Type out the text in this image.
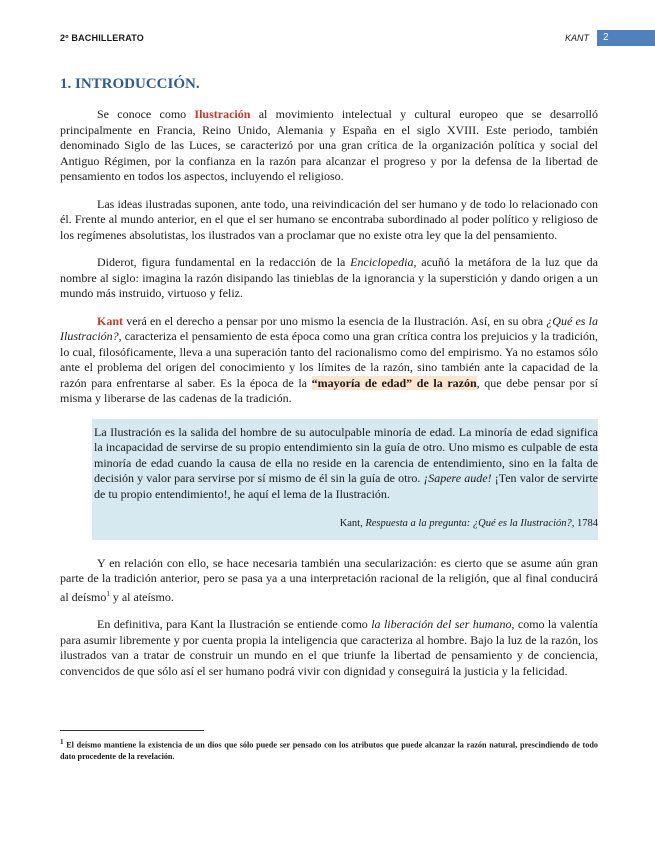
2º BACHILLERATO	KANT	2
1. INTRODUCCIÓN.

Se conoce como Ilustración al movimiento intelectual y cultural europeo que se desarrolló principalmente en Francia, Reino Unido, Alemania y España en el siglo XVIII. Este periodo, también denominado Siglo de las Luces, se caracterizó por una gran crítica de la organización política y social del Antiguo Régimen, por la confianza en la razón para alcanzar el progreso y por la defensa de la libertad de pensamiento en todos los aspectos, incluyendo el religioso.

Las ideas ilustradas suponen, ante todo, una reivindicación del ser humano y de todo lo relacionado con él. Frente al mundo anterior, en el que el ser humano se encontraba subordinado al poder político y religioso de los regímenes absolutistas, los ilustrados van a proclamar que no existe otra ley que la del pensamiento.

Diderot, figura fundamental en la redacción de la Enciclopedia, acuñó la metáfora de la luz que da nombre al siglo: imagina la razón disipando las tinieblas de la ignorancia y la superstición y dando origen a un mundo más instruido, virtuoso y feliz.

Kant verá en el derecho a pensar por uno mismo la esencia de la Ilustración. Así, en su obra ¿Qué es la Ilustración?, caracteriza el pensamiento de esta época como una gran crítica contra los prejuicios y la tradición, lo cual, filosóficamente, lleva a una superación tanto del racionalismo como del empirismo. Ya no estamos sólo ante el problema del origen del conocimiento y los límites de la razón, sino también ante la capacidad de la razón para enfrentarse al saber. Es la época de la “mayoría de edad” de la razón, que debe pensar por sí misma y liberarse de las cadenas de la tradición.

La Ilustración es la salida del hombre de su autoculpable minoría de edad. La minoría de edad significa la incapacidad de servirse de su propio entendimiento sin la guía de otro. Uno mismo es culpable de esta minoría de edad cuando la causa de ella no reside en la carencia de entendimiento, sino en la falta de decisión y valor para servirse por sí mismo de él sin la guía de otro. ¡Sapere aude! ¡Ten valor de servirte de tu propio entendimiento!, he aquí el lema de la Ilustración.

Kant, Respuesta a la pregunta: ¿Qué es la Ilustración?, 1784

Y en relación con ello, se hace necesaria también una secularización: es cierto que se asume aún gran parte de la tradición anterior, pero se pasa ya a una interpretación racional de la religión, que al final conducirá al deísmo$^1$ y al ateísmo.

En definitiva, para Kant la Ilustración se entiende como la liberación del ser humano, como la valentía para asumir libremente y por cuenta propia la inteligencia que caracteriza al hombre. Bajo la luz de la razón, los ilustrados van a tratar de construir un mundo en el que triunfe la libertad de pensamiento y de conciencia, convencidos de que sólo así el ser humano podrá vivir con dignidad y conseguirá la justicia y la felicidad.

$^1$ El deísmo mantiene la existencia de un dios que sólo puede ser pensado con los atributos que puede alcanzar la razón natural, prescindiendo de todo dato procedente de la revelación.
